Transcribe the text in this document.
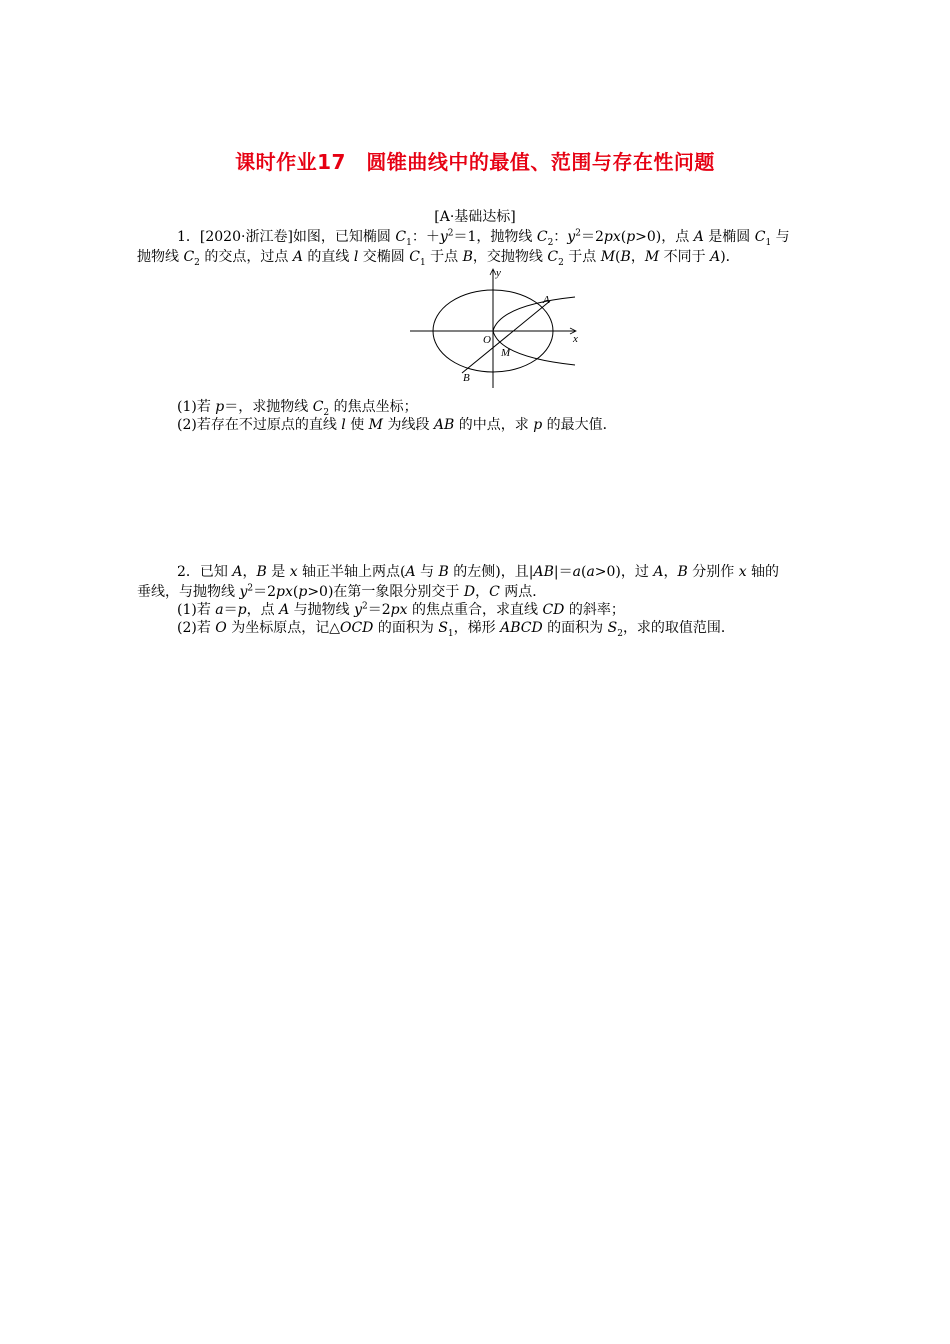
课时作业17　圆锥曲线中的最值、范围与存在性问题
[A·基础达标]
1．[2020·浙江卷]如图，已知椭圆 $C_1$：$+y^2=1$，抛物线 $C_2$：$y^2=2px(p>0)$，点 A 是椭圆 $C_1$ 与
抛物线 $C_2$ 的交点，过点 A 的直线 l 交椭圆 $C_1$ 于点 B，交抛物线 $C_2$ 于点 M(B，M 不同于 A)．
y
x
O
A
B
M
(1)若 p＝，求抛物线 $C_2$ 的焦点坐标；
(2)若存在不过原点的直线 l 使 M 为线段 AB 的中点，求 p 的最大值．
2．已知 A，B 是 x 轴正半轴上两点(A 与 B 的左侧)，且|AB|＝a(a>0)，过 A，B 分别作 x 轴的
垂线，与抛物线 $y^2=2px(p>0)$在第一象限分别交于 D，C 两点．
(1)若 a＝p，点 A 与抛物线 $y^2=2px$ 的焦点重合，求直线 CD 的斜率；
(2)若 O 为坐标原点，记△OCD 的面积为 $S_1$，梯形 ABCD 的面积为 $S_2$，求的取值范围．
